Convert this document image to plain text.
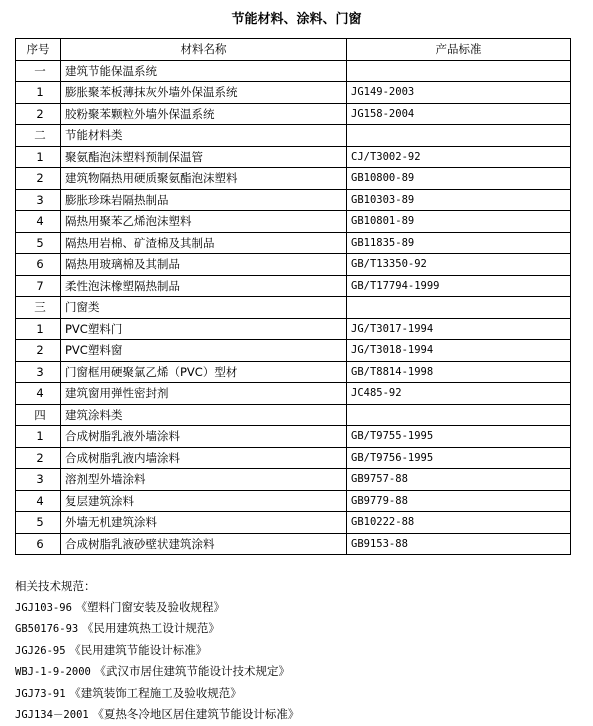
节能材料、涂料、门窗
序号	材料名称	产品标准
一	建筑节能保温系统	
1	膨胀聚苯板薄抹灰外墙外保温系统	JG149-2003
2	胶粉聚苯颗粒外墙外保温系统	JG158-2004
二	节能材料类	
1	聚氨酯泡沫塑料预制保温管	CJ/T3002-92
2	建筑物隔热用硬质聚氨酯泡沫塑料	GB10800-89
3	膨胀珍珠岩隔热制品	GB10303-89
4	隔热用聚苯乙烯泡沫塑料	GB10801-89
5	隔热用岩棉、矿渣棉及其制品	GB11835-89
6	隔热用玻璃棉及其制品	GB/T13350-92
7	柔性泡沫橡塑隔热制品	GB/T17794-1999
三	门窗类	
1	PVC塑料门	JG/T3017-1994
2	PVC塑料窗	JG/T3018-1994
3	门窗框用硬聚氯乙烯（PVC）型材	GB/T8814-1998
4	建筑窗用弹性密封剂	JC485-92
四	建筑涂料类	
1	合成树脂乳液外墙涂料	GB/T9755-1995
2	合成树脂乳液内墙涂料	GB/T9756-1995
3	溶剂型外墙涂料	GB9757-88
4	复层建筑涂料	GB9779-88
5	外墙无机建筑涂料	GB10222-88
6	合成树脂乳液砂壁状建筑涂料	GB9153-88
相关技术规范：
JGJ103-96 《塑料门窗安装及验收规程》
GB50176-93 《民用建筑热工设计规范》
JGJ26-95 《民用建筑节能设计标准》
WBJ-1-9-2000 《武汉市居住建筑节能设计技术规定》
JGJ73-91 《建筑装饰工程施工及验收规范》
JGJ134－2001 《夏热冬冷地区居住建筑节能设计标准》
